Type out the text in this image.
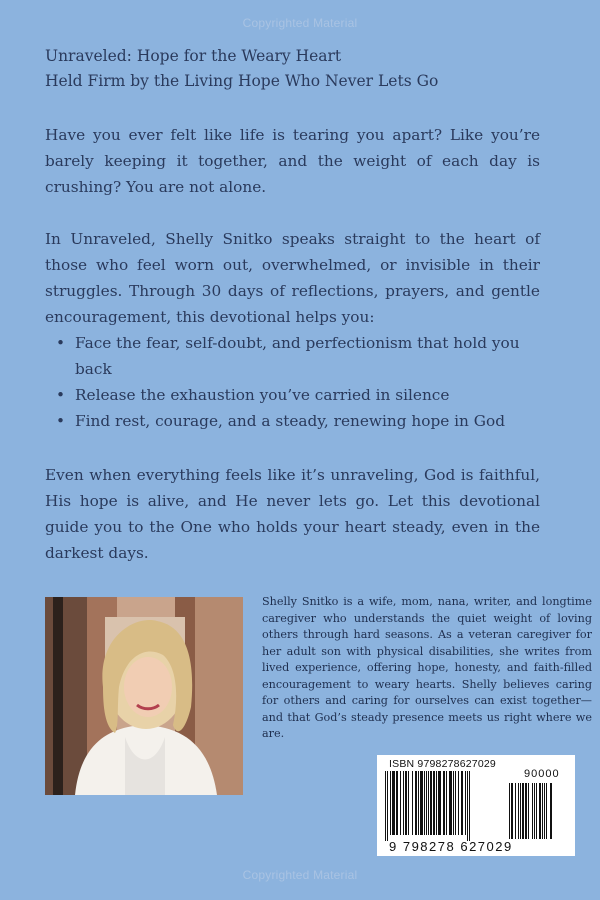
Copyrighted Material
Unraveled: Hope for the Weary Heart
Held Firm by the Living Hope Who Never Lets Go
Have you ever felt like life is tearing you apart? Like you’re barely keeping it together, and the weight of each day is crushing? You are not alone.
In Unraveled, Shelly Snitko speaks straight to the heart of those who feel worn out, overwhelmed, or invisible in their struggles. Through 30 days of reflections, prayers, and gentle encouragement, this devotional helps you:
• Face the fear, self-doubt, and perfectionism that hold you back
• Release the exhaustion you’ve carried in silence
• Find rest, courage, and a steady, renewing hope in God
Even when everything feels like it’s unraveling, God is faithful, His hope is alive, and He never lets go. Let this devotional guide you to the One who holds your heart steady, even in the darkest days.
Shelly Snitko is a wife, mom, nana, writer, and longtime caregiver who understands the quiet weight of loving others through hard seasons. As a veteran caregiver for her adult son with physical disabilities, she writes from lived experience, offering hope, honesty, and faith-filled encouragement to weary hearts. Shelly believes caring for others and caring for ourselves can exist together—and that God’s steady presence meets us right where we are.
ISBN 9798278627029
90000
9 798278 627029
Copyrighted Material
